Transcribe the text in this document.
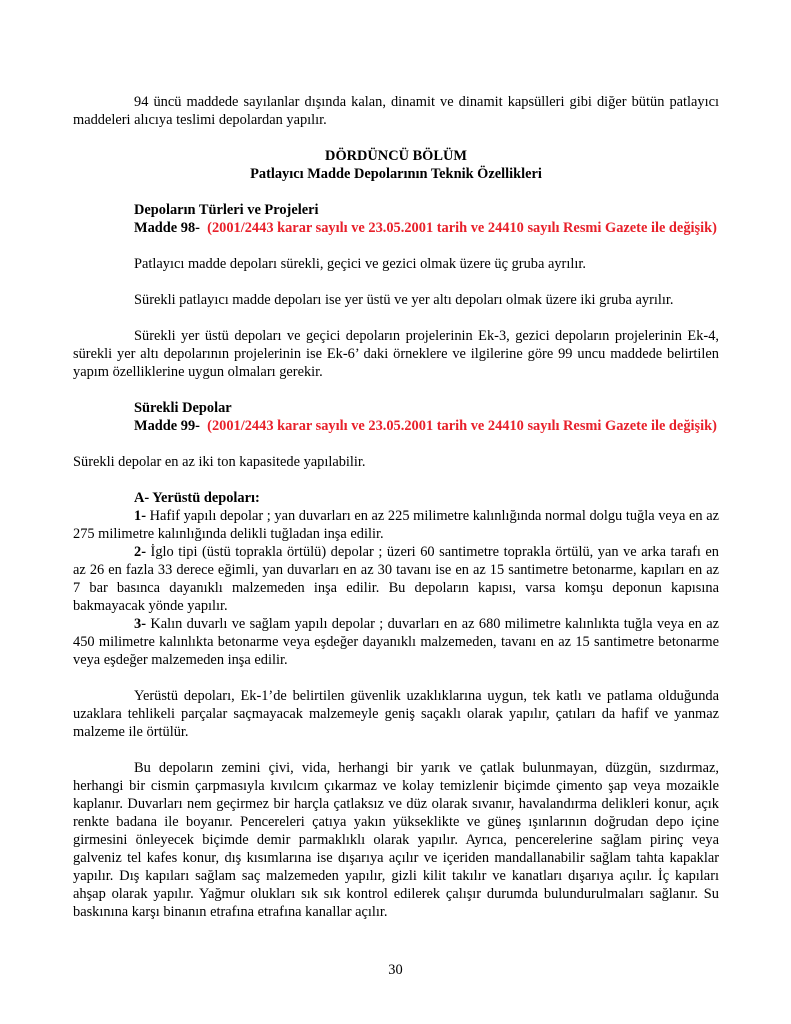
94 üncü maddede sayılanlar dışında kalan, dinamit ve dinamit kapsülleri gibi diğer bütün patlayıcı maddeleri alıcıya teslimi depolardan yapılır.

DÖRDÜNCÜ BÖLÜM

Patlayıcı Madde Depolarının Teknik Özellikleri

Depoların Türleri ve Projeleri

Madde 98- (2001/2443 karar sayılı ve 23.05.2001 tarih ve 24410 sayılı Resmi Gazete ile değişik)

Patlayıcı madde depoları sürekli, geçici ve gezici olmak üzere üç gruba ayrılır.

Sürekli patlayıcı madde depoları ise yer üstü ve yer altı depoları olmak üzere iki gruba ayrılır.

Sürekli yer üstü depoları ve geçici depoların projelerinin Ek-3, gezici depoların projelerinin Ek-4, sürekli yer altı depolarının projelerinin ise Ek-6’ daki örneklere ve ilgilerine göre 99 uncu maddede belirtilen yapım özelliklerine uygun olmaları gerekir.

Sürekli Depolar

Madde 99- (2001/2443 karar sayılı ve 23.05.2001 tarih ve 24410 sayılı Resmi Gazete ile değişik)

Sürekli depolar en az iki ton kapasitede yapılabilir.

A- Yerüstü depoları:

1- Hafif yapılı depolar ; yan duvarları en az 225 milimetre kalınlığında normal dolgu tuğla veya en az 275 milimetre kalınlığında delikli tuğladan inşa edilir.

2- İglo tipi (üstü toprakla örtülü) depolar ; üzeri 60 santimetre toprakla örtülü, yan ve arka tarafı en az 26 en fazla 33 derece eğimli, yan duvarları en az 30 tavanı ise en az 15 santimetre betonarme, kapıları en az 7 bar basınca dayanıklı malzemeden inşa edilir. Bu depoların kapısı, varsa komşu deponun kapısına bakmayacak yönde yapılır.

3- Kalın duvarlı ve sağlam yapılı depolar ; duvarları en az 680 milimetre kalınlıkta tuğla veya en az 450 milimetre kalınlıkta betonarme veya eşdeğer dayanıklı malzemeden, tavanı en az 15 santimetre betonarme veya eşdeğer malzemeden inşa edilir.

Yerüstü depoları, Ek-1’de belirtilen güvenlik uzaklıklarına uygun, tek katlı ve patlama olduğunda uzaklara tehlikeli parçalar saçmayacak malzemeyle geniş saçaklı olarak yapılır, çatıları da hafif ve yanmaz malzeme ile örtülür.

Bu depoların zemini çivi, vida, herhangi bir yarık ve çatlak bulunmayan, düzgün, sızdırmaz, herhangi bir cismin çarpmasıyla kıvılcım çıkarmaz ve kolay temizlenir biçimde çimento şap veya mozaikle kaplanır. Duvarları nem geçirmez bir harçla çatlaksız ve düz olarak sıvanır, havalandırma delikleri konur, açık renkte badana ile boyanır. Pencereleri çatıya yakın yükseklikte ve güneş ışınlarının doğrudan depo içine girmesini önleyecek biçimde demir parmaklıklı olarak yapılır. Ayrıca, pencerelerine sağlam pirinç veya galveniz tel kafes konur, dış kısımlarına ise dışarıya açılır ve içeriden mandallanabilir sağlam tahta kapaklar yapılır. Dış kapıları sağlam saç malzemeden yapılır, gizli kilit takılır ve kanatları dışarıya açılır. İç kapıları ahşap olarak yapılır. Yağmur olukları sık sık kontrol edilerek çalışır durumda bulundurulmaları sağlanır. Su baskınına karşı binanın etrafına etrafına kanallar açılır.

30
